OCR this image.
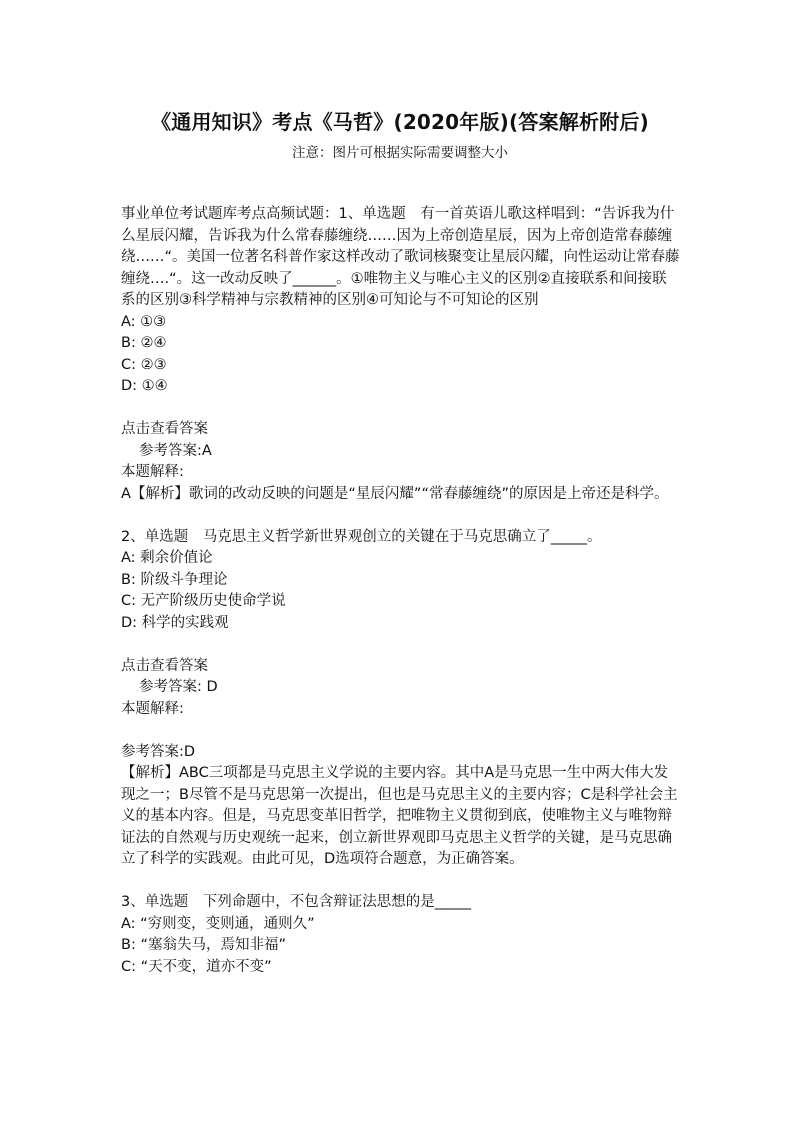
《通用知识》考点《马哲》(2020年版)(答案解析附后)
注意：图片可根据实际需要调整大小

事业单位考试题库考点高频试题：1、单选题　有一首英语儿歌这样唱到：“告诉我为什么星辰闪耀，告诉我为什么常春藤缠绕……因为上帝创造星辰，因为上帝创造常春藤缠绕……“。美国一位著名科普作家这样改动了歌词核聚变让星辰闪耀，向性运动让常春藤缠绕….“。这一改动反映了______。①唯物主义与唯心主义的区别②直接联系和间接联系的区别③科学精神与宗教精神的区别④可知论与不可知论的区别

A: ①③

B: ②④

C: ②③

D: ①④

点击查看答案

参考答案:A

本题解释:

A【解析】歌词的改动反映的问题是“星辰闪耀”“常春藤缠绕”的原因是上帝还是科学。

2、单选题　马克思主义哲学新世界观创立的关键在于马克思确立了_____。

A: 剩余价值论

B: 阶级斗争理论

C: 无产阶级历史使命学说

D: 科学的实践观

点击查看答案

参考答案: D

本题解释:

参考答案:D

【解析】ABC三项都是马克思主义学说的主要内容。其中A是马克思一生中两大伟大发现之一；B尽管不是马克思第一次提出，但也是马克思主义的主要内容；C是科学社会主义的基本内容。但是，马克思变革旧哲学，把唯物主义贯彻到底，使唯物主义与唯物辩证法的自然观与历史观统一起来，创立新世界观即马克思主义哲学的关键，是马克思确立了科学的实践观。由此可见，D选项符合题意，为正确答案。

3、单选题　下列命题中，不包含辩证法思想的是_____

A: “穷则变，变则通，通则久”

B: “塞翁失马，焉知非福”

C: “天不变，道亦不变”
